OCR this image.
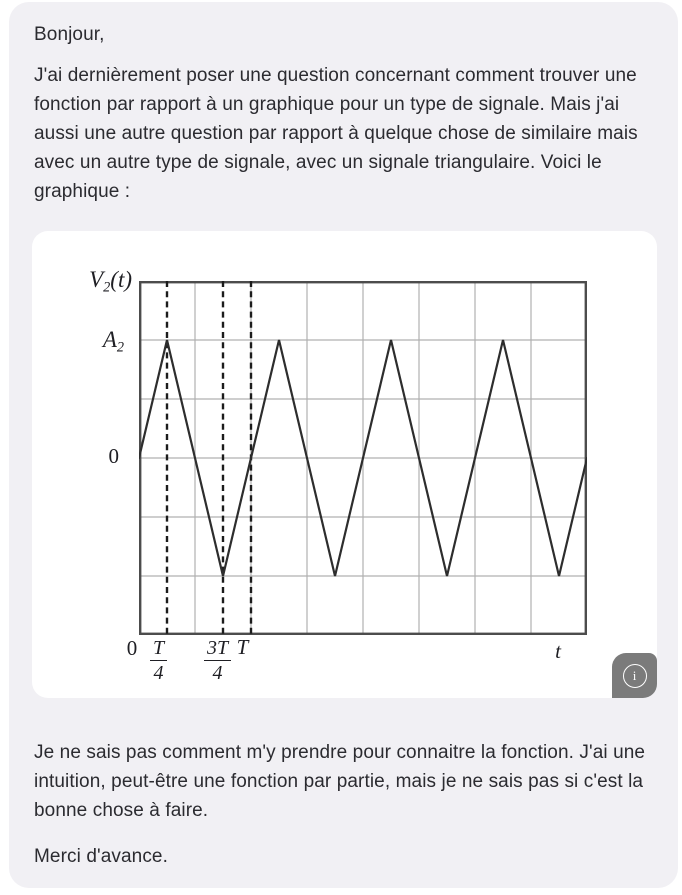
Bonjour,

J'ai dernièrement poser une question concernant comment trouver une fonction par rapport à un graphique pour un type de signale. Mais j'ai aussi une autre question par rapport à quelque chose de similaire mais avec un autre type de signale, avec un signale triangulaire. Voici le graphique :

$V_2(t)$
$A_2$
0
$0 \frac{T}{4} \frac{3T}{4}$ T	t
i

Je ne sais pas comment m'y prendre pour connaitre la fonction. J'ai une intuition, peut-être une fonction par partie, mais je ne sais pas si c'est la bonne chose à faire.

Merci d'avance.
